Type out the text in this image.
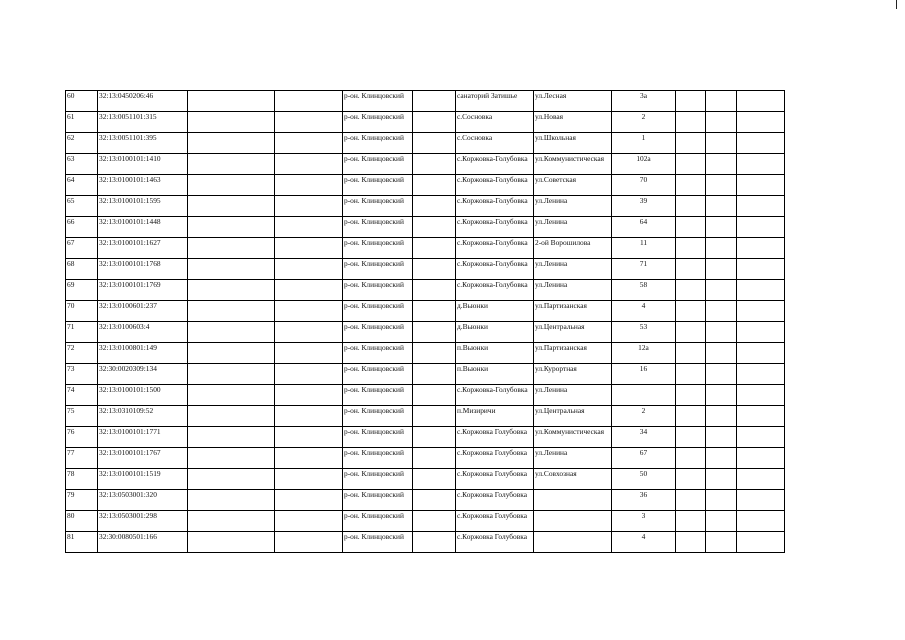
60	32:13:0450206:46			р-он. Клинцовский		санаторий Затишье	ул.Лесная	3а			
61	32:13:0051101:315			р-он. Клинцовский		с.Сосновка	ул.Новая	2			
62	32:13:0051101:395			р-он. Клинцовский		с.Сосновка	ул.Школьная	1			
63	32:13:0100101:1410			р-он. Клинцовский		с.Коржовка-Голубовка	ул.Коммунистическая	102а			
64	32:13:0100101:1463			р-он. Клинцовский		с.Коржовка-Голубовка	ул.Советская	70			
65	32:13:0100101:1595			р-он. Клинцовский		с.Коржовка-Голубовка	ул.Ленина	39			
66	32:13:0100101:1448			р-он. Клинцовский		с.Коржовка-Голубовка	ул.Ленина	64			
67	32:13:0100101:1627			р-он. Клинцовский		с.Коржовка-Голубовка	2-ой Ворошилова	11			
68	32:13:0100101:1768			р-он. Клинцовский		с.Коржовка-Голубовка	ул.Ленина	71			
69	32:13:0100101:1769			р-он. Клинцовский		с.Коржовка-Голубовка	ул.Ленина	58			
70	32:13:0100601:237			р-он. Клинцовский		д.Вьюнки	ул.Партизанская	4			
71	32:13:0100603:4			р-он. Клинцовский		д.Вьюнки	ул.Центральная	53			
72	32:13:0100801:149			р-он. Клинцовский		п.Вьюнки	ул.Партизанская	12а			
73	32:30:0020309:134			р-он. Клинцовский		п.Вьюнки	ул.Курортная	16			
74	32:13:0100101:1500			р-он. Клинцовский		с.Коржовка-Голубовка	ул.Ленина				
75	32:13:0310109:52			р-он. Клинцовский		п.Мизиричи	ул.Центральная	2			
76	32:13:0100101:1771			р-он. Клинцовский		с.Коржовка Голубовка	ул.Коммунистическая	34			
77	32:13:0100101:1767			р-он. Клинцовский		с.Коржовка Голубовка	ул.Ленина	67			
78	32:13:0100101:1519			р-он. Клинцовский		с.Коржовка Голубовка	ул.Совхозная	50			
79	32:13:0503001:320			р-он. Клинцовский		с.Коржовка Голубовка		36			
80	32:13:0503001:298			р-он. Клинцовский		с.Коржовка Голубовка		3			
81	32:30:0080501:166			р-он. Клинцовский		с.Коржовка Голубовка		4			
